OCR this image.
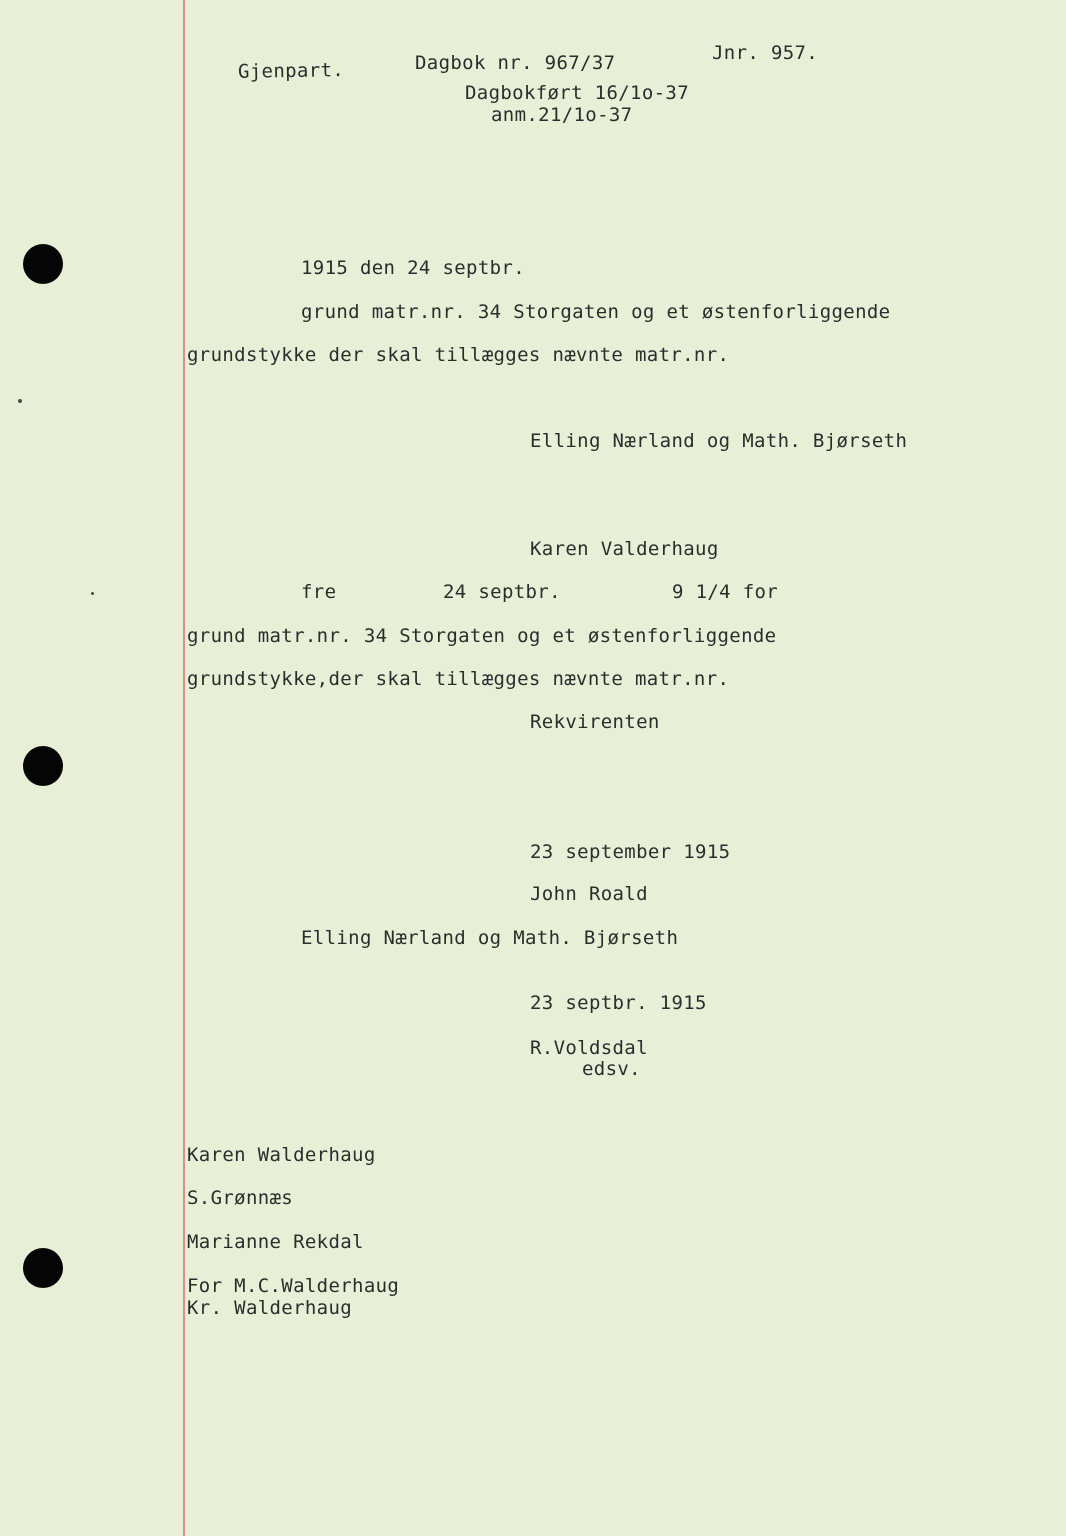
Gjenpart.	Dagbok nr. 967/37	Jnr. 957.
Dagbokført 16/1o-37
anm.21/1o-37
1915 den 24 septbr.
grund matr.nr. 34 Storgaten og et østenforliggende
grundstykke der skal tillægges nævnte matr.nr.
Elling Nærland og Math. Bjørseth
Karen Valderhaug
fre	24 septbr.	9 1/4 for
grund matr.nr. 34 Storgaten og et østenforliggende
grundstykke,der skal tillægges nævnte matr.nr.
Rekvirenten
23 september 1915
John Roald
Elling Nærland og Math. Bjørseth
23 septbr. 1915
R.Voldsdal
edsv.
Karen Walderhaug
S.Grønnæs
Marianne Rekdal
For M.C.Walderhaug
Kr. Walderhaug
